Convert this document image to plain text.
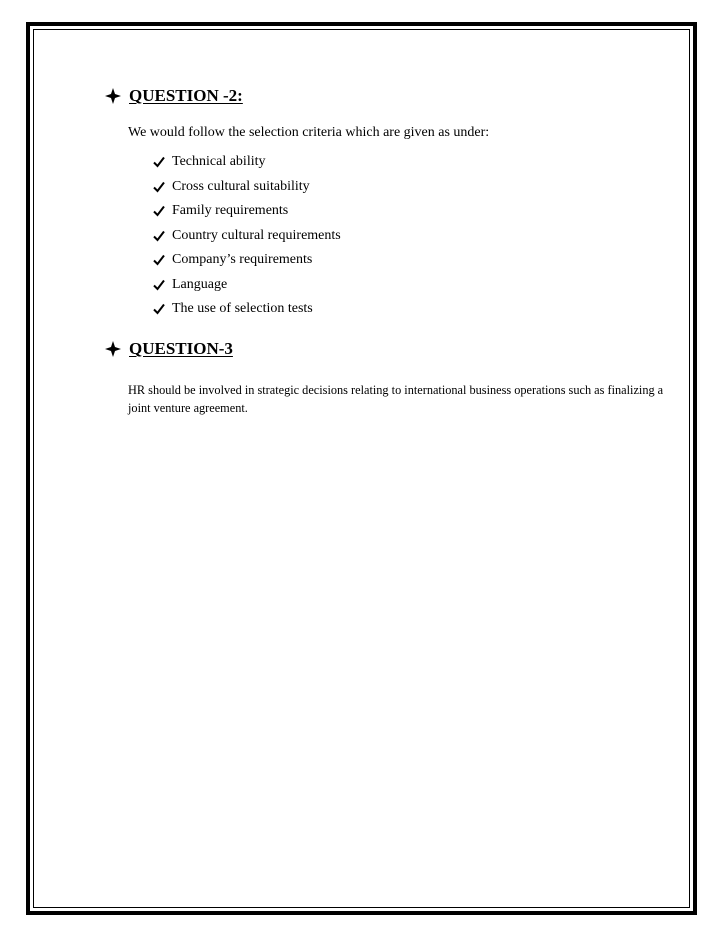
QUESTION -2:
We would follow the selection criteria which are given as under:
Technical ability
Cross cultural suitability
Family requirements
Country cultural requirements
Company’s requirements
Language
The use of selection tests
QUESTION-3
HR should be involved in strategic decisions relating to international business operations such as finalizing a joint venture agreement.
